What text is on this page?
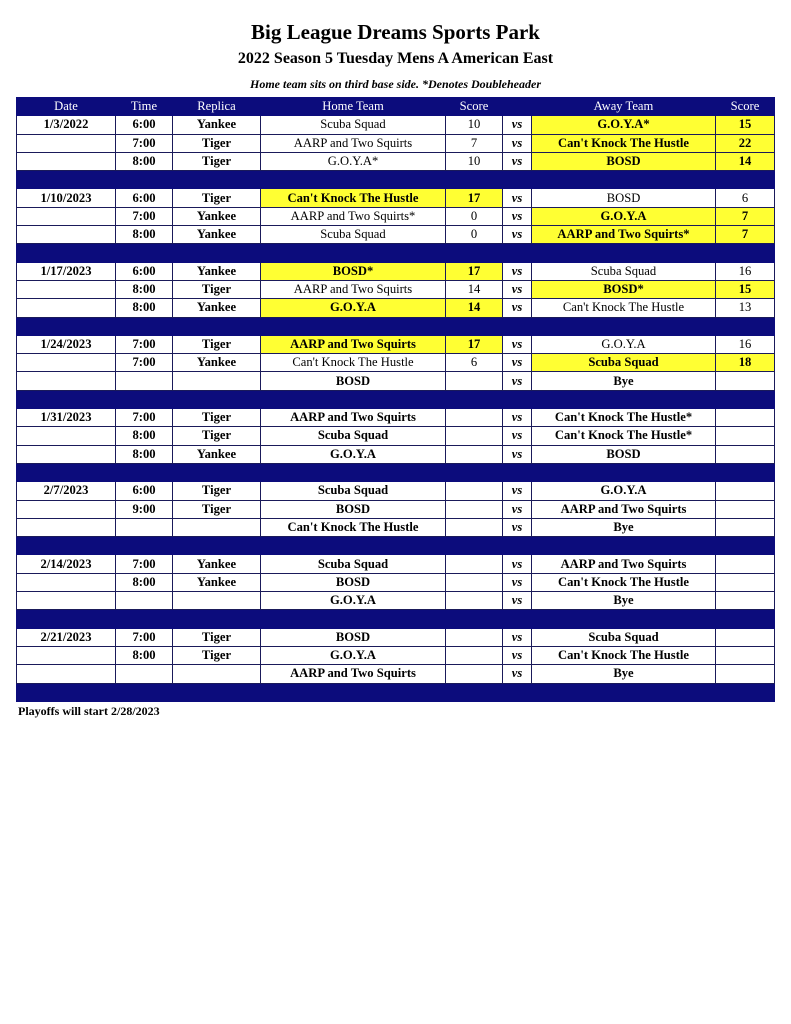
Big League Dreams Sports Park
2022 Season 5 Tuesday Mens A American East
Home team sits on third base side. *Denotes Doubleheader
Date	Time	Replica	Home Team	Score		Away Team	Score
1/3/2022	6:00	Yankee	Scuba Squad	10	vs	G.O.Y.A*	15
	7:00	Tiger	AARP and Two Squirts	7	vs	Can't Knock The Hustle	22
	8:00	Tiger	G.O.Y.A*	10	vs	BOSD	14

1/10/2023	6:00	Tiger	Can't Knock The Hustle	17	vs	BOSD	6
	7:00	Yankee	AARP and Two Squirts*	0	vs	G.O.Y.A	7
	8:00	Yankee	Scuba Squad	0	vs	AARP and Two Squirts*	7

1/17/2023	6:00	Yankee	BOSD*	17	vs	Scuba Squad	16
	8:00	Tiger	AARP and Two Squirts	14	vs	BOSD*	15
	8:00	Yankee	G.O.Y.A	14	vs	Can't Knock The Hustle	13

1/24/2023	7:00	Tiger	AARP and Two Squirts	17	vs	G.O.Y.A	16
	7:00	Yankee	Can't Knock The Hustle	6	vs	Scuba Squad	18
			BOSD		vs	Bye	

1/31/2023	7:00	Tiger	AARP and Two Squirts		vs	Can't Knock The Hustle*	
	8:00	Tiger	Scuba Squad		vs	Can't Knock The Hustle*	
	8:00	Yankee	G.O.Y.A		vs	BOSD	

2/7/2023	6:00	Tiger	Scuba Squad		vs	G.O.Y.A	
	9:00	Tiger	BOSD		vs	AARP and Two Squirts	
			Can't Knock The Hustle		vs	Bye	

2/14/2023	7:00	Yankee	Scuba Squad		vs	AARP and Two Squirts	
	8:00	Yankee	BOSD		vs	Can't Knock The Hustle	
			G.O.Y.A		vs	Bye	

2/21/2023	7:00	Tiger	BOSD		vs	Scuba Squad	
	8:00	Tiger	G.O.Y.A		vs	Can't Knock The Hustle	
			AARP and Two Squirts		vs	Bye	

Playoffs will start 2/28/2023
